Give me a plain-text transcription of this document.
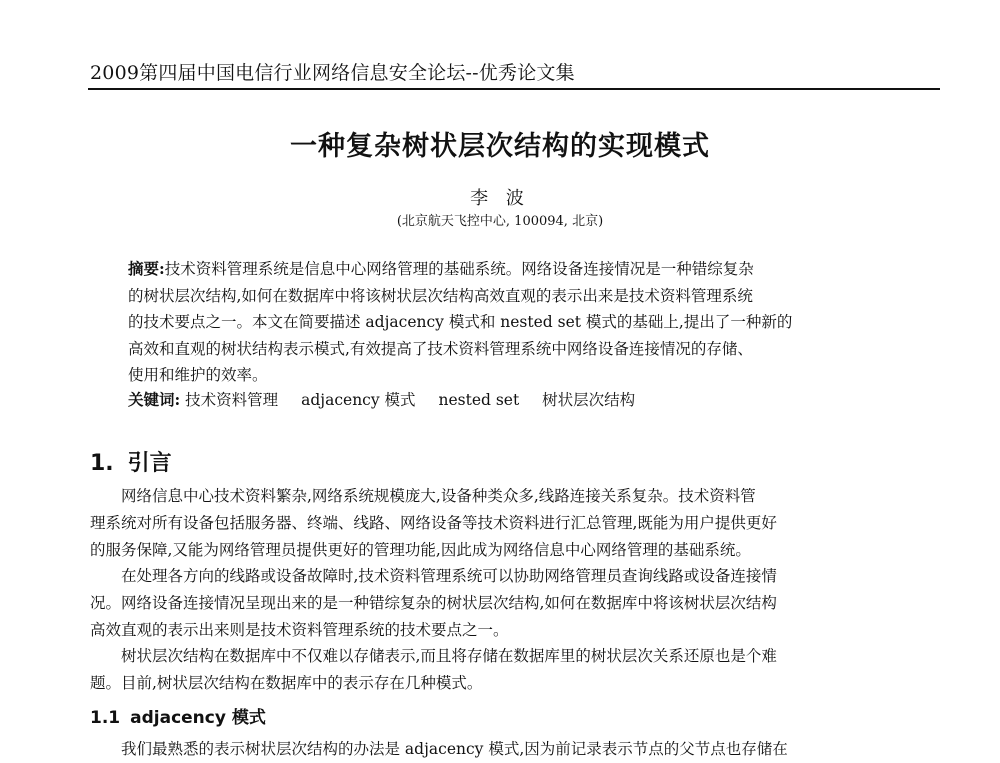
2009第四届中国电信行业网络信息安全论坛--优秀论文集
一种复杂树状层次结构的实现模式
李 波
(北京航天飞控中心, 100094, 北京)
摘要:技术资料管理系统是信息中心网络管理的基础系统。网络设备连接情况是一种错综复杂
的树状层次结构,如何在数据库中将该树状层次结构高效直观的表示出来是技术资料管理系统
的技术要点之一。本文在简要描述 adjacency 模式和 nested set 模式的基础上,提出了一种新的
高效和直观的树状结构表示模式,有效提高了技术资料管理系统中网络设备连接情况的存储、
使用和维护的效率。
关键词: 技术资料管理 adjacency 模式 nested set 树状层次结构
1. 引言
  网络信息中心技术资料繁杂,网络系统规模庞大,设备种类众多,线路连接关系复杂。技术资料管
理系统对所有设备包括服务器、终端、线路、网络设备等技术资料进行汇总管理,既能为用户提供更好
的服务保障,又能为网络管理员提供更好的管理功能,因此成为网络信息中心网络管理的基础系统。
  在处理各方向的线路或设备故障时,技术资料管理系统可以协助网络管理员查询线路或设备连接情
况。网络设备连接情况呈现出来的是一种错综复杂的树状层次结构,如何在数据库中将该树状层次结构
高效直观的表示出来则是技术资料管理系统的技术要点之一。
  树状层次结构在数据库中不仅难以存储表示,而且将存储在数据库里的树状层次关系还原也是个难
题。目前,树状层次结构在数据库中的表示存在几种模式。
1.1 adjacency 模式
  我们最熟悉的表示树状层次结构的办法是 adjacency 模式,因为前记录表示节点的父节点也存储在
